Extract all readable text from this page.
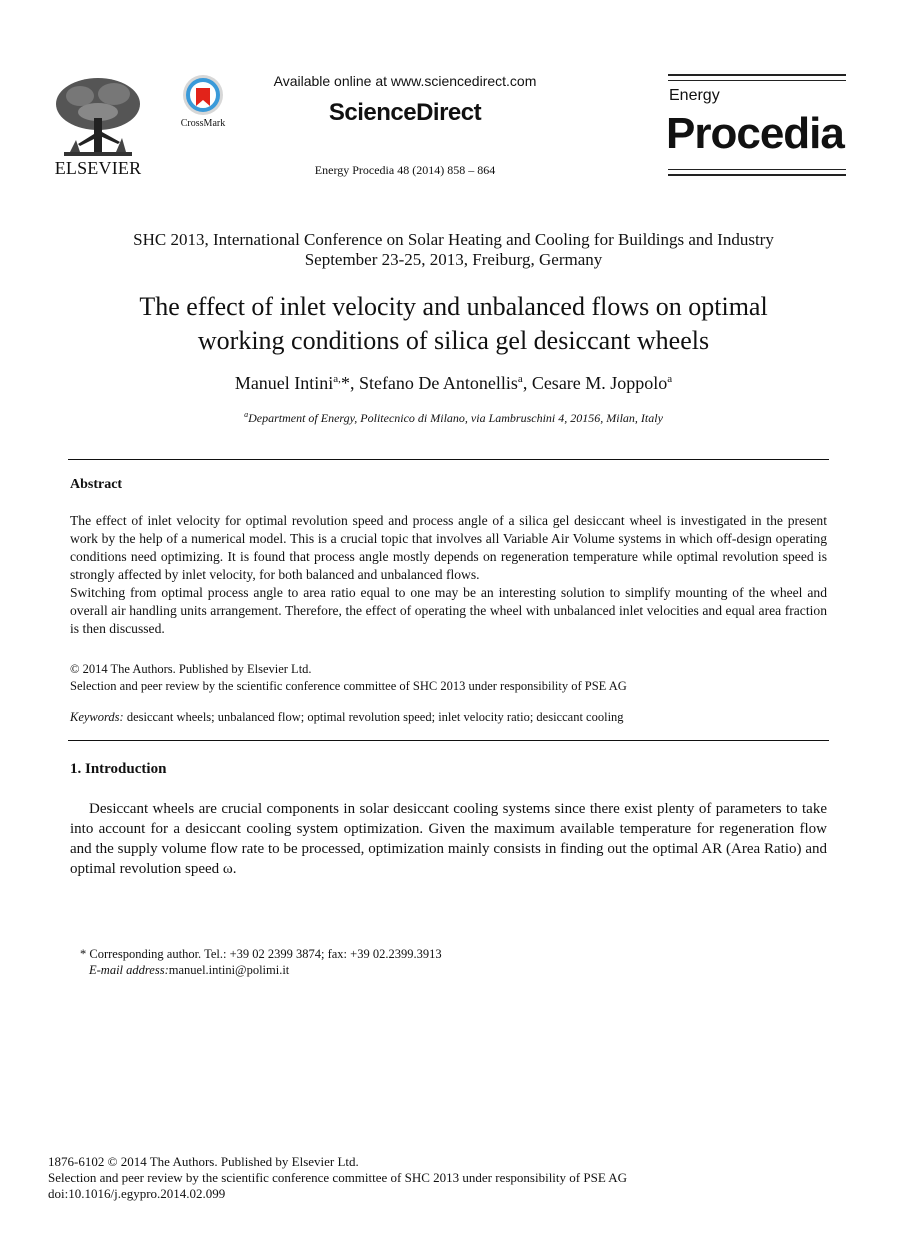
ELSEVIER
CrossMark
Available online at www.sciencedirect.com
ScienceDirect
Energy Procedia 48 (2014) 858 – 864
Energy
Procedia
SHC 2013, International Conference on Solar Heating and Cooling for Buildings and Industry
September 23-25, 2013, Freiburg, Germany
The effect of inlet velocity and unbalanced flows on optimal
working conditions of silica gel desiccant wheels
Manuel Intini$^{a,}$*, Stefano De Antonellis$^a$, Cesare M. Joppolo$^a$
$^a$Department of Energy, Politecnico di Milano, via Lambruschini 4, 20156, Milan, Italy
Abstract

The effect of inlet velocity for optimal revolution speed and process angle of a silica gel desiccant wheel is investigated in the present work by the help of a numerical model. This is a crucial topic that involves all Variable Air Volume systems in which off-design operating conditions need optimizing. It is found that process angle mostly depends on regeneration temperature while optimal revolution speed is strongly affected by inlet velocity, for both balanced and unbalanced flows.

Switching from optimal process angle to area ratio equal to one may be an interesting solution to simplify mounting of the wheel and overall air handling units arrangement. Therefore, the effect of operating the wheel with unbalanced inlet velocities and equal area fraction is then discussed.

© 2014 The Authors. Published by Elsevier Ltd.

Selection and peer review by the scientific conference committee of SHC 2013 under responsibility of PSE AG

Keywords: desiccant wheels; unbalanced flow; optimal revolution speed; inlet velocity ratio; desiccant cooling
1. Introduction
Desiccant wheels are crucial components in solar desiccant cooling systems since there exist plenty of parameters to take into account for a desiccant cooling system optimization. Given the maximum available temperature for regeneration flow and the supply volume flow rate to be processed, optimization mainly consists in finding out the optimal AR (Area Ratio) and optimal revolution speed ω.

* Corresponding author. Tel.: +39 02 2399 3874; fax: +39 02.2399.3913

E-mail address:manuel.intini@polimi.it

1876-6102 © 2014 The Authors. Published by Elsevier Ltd.

Selection and peer review by the scientific conference committee of SHC 2013 under responsibility of PSE AG

doi:10.1016/j.egypro.2014.02.099
